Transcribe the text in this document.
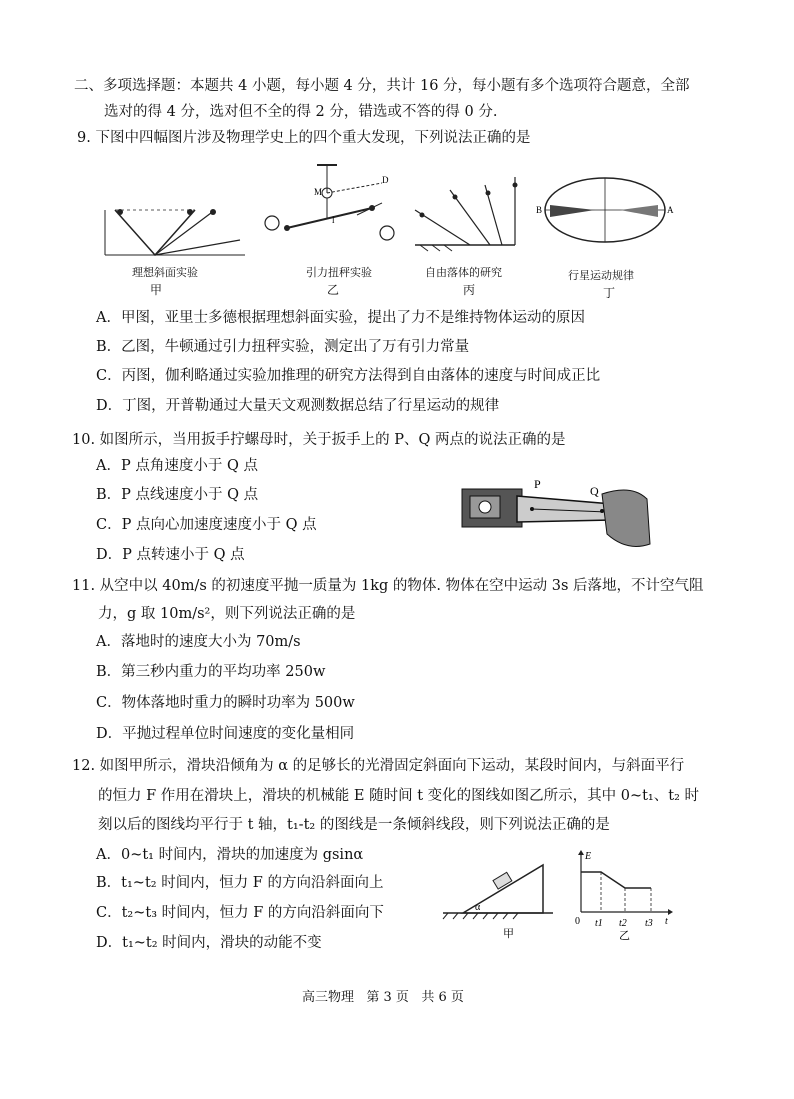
二、多项选择题：本题共 4 小题，每小题 4 分，共计 16 分，每小题有多个选项符合题意，全部
选对的得 4 分，选对但不全的得 2 分，错选或不答的得 0 分.
9. 下图中四幅图片涉及物理学史上的四个重大发现，下列说法正确的是
理想斜面实验
甲
M
D
l
引力扭秤实验
乙
自由落体的研究
丙
B	A
行星运动规律
丁
A．甲图，亚里士多德根据理想斜面实验，提出了力不是维持物体运动的原因
B．乙图，牛顿通过引力扭秤实验，测定出了万有引力常量
C．丙图，伽利略通过实验加推理的研究方法得到自由落体的速度与时间成正比
D．丁图，开普勒通过大量天文观测数据总结了行星运动的规律
10. 如图所示，当用扳手拧螺母时，关于扳手上的 P、Q 两点的说法正确的是
A．P 点角速度小于 Q 点
B．P 点线速度小于 Q 点
C．P 点向心加速度速度小于 Q 点
D．P 点转速小于 Q 点
P	Q
11. 从空中以 40m/s 的初速度平抛一质量为 1kg 的物体. 物体在空中运动 3s 后落地，不计空气阻
力，g 取 10m/s²，则下列说法正确的是
A．落地时的速度大小为 70m/s
B．第三秒内重力的平均功率 250w
C．物体落地时重力的瞬时功率为 500w
D．平抛过程单位时间速度的变化量相同
12. 如图甲所示，滑块沿倾角为 α 的足够长的光滑固定斜面向下运动，某段时间内，与斜面平行
的恒力 F 作用在滑块上，滑块的机械能 E 随时间 t 变化的图线如图乙所示，其中 0~t₁、t₂ 时
刻以后的图线均平行于 t 轴，t₁-t₂ 的图线是一条倾斜线段，则下列说法正确的是
A．0~t₁ 时间内，滑块的加速度为 gsinα
B．t₁~t₂ 时间内，恒力 F 的方向沿斜面向上
C．t₂~t₃ 时间内，恒力 F 的方向沿斜面向下
D．t₁~t₂ 时间内，滑块的动能不变
α
甲
E
t
0 t1 t2 t3
乙
高三物理   第 3 页   共 6 页
